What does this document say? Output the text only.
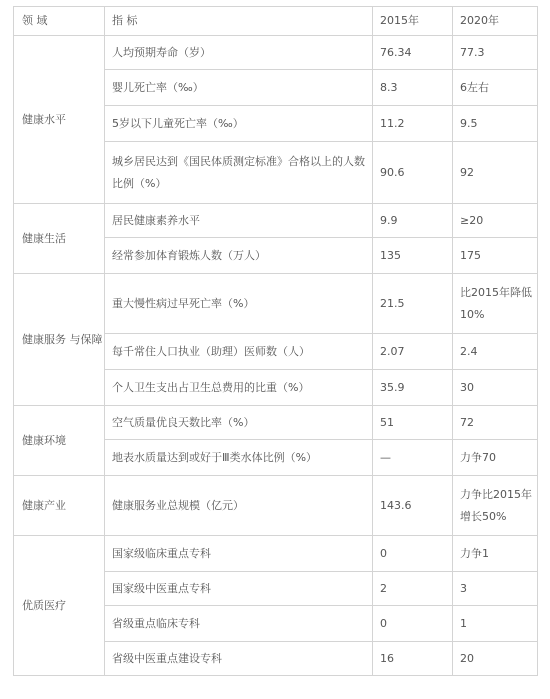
领 域	指 标	2015年	2020年
健康水平	人均预期寿命（岁）	76.34	77.3
	婴儿死亡率（‰）	8.3	6左右
	5岁以下儿童死亡率（‰）	11.2	9.5
	城乡居民达到《国民体质测定标准》合格以上的人数比例（%）	90.6	92
健康生活	居民健康素养水平	9.9	≥20
	经常参加体育锻炼人数（万人）	135	175
健康服务 与保障	重大慢性病过早死亡率（%）	21.5	比2015年降低10%
	每千常住人口执业（助理）医师数（人）	2.07	2.4
	个人卫生支出占卫生总费用的比重（%）	35.9	30
健康环境	空气质量优良天数比率（%）	51	72
	地表水质量达到或好于Ⅲ类水体比例（%）	—	力争70
健康产业	健康服务业总规模（亿元）	143.6	力争比2015年增长50%
优质医疗	国家级临床重点专科	0	力争1
	国家级中医重点专科	2	3
	省级重点临床专科	0	1
	省级中医重点建设专科	16	20
